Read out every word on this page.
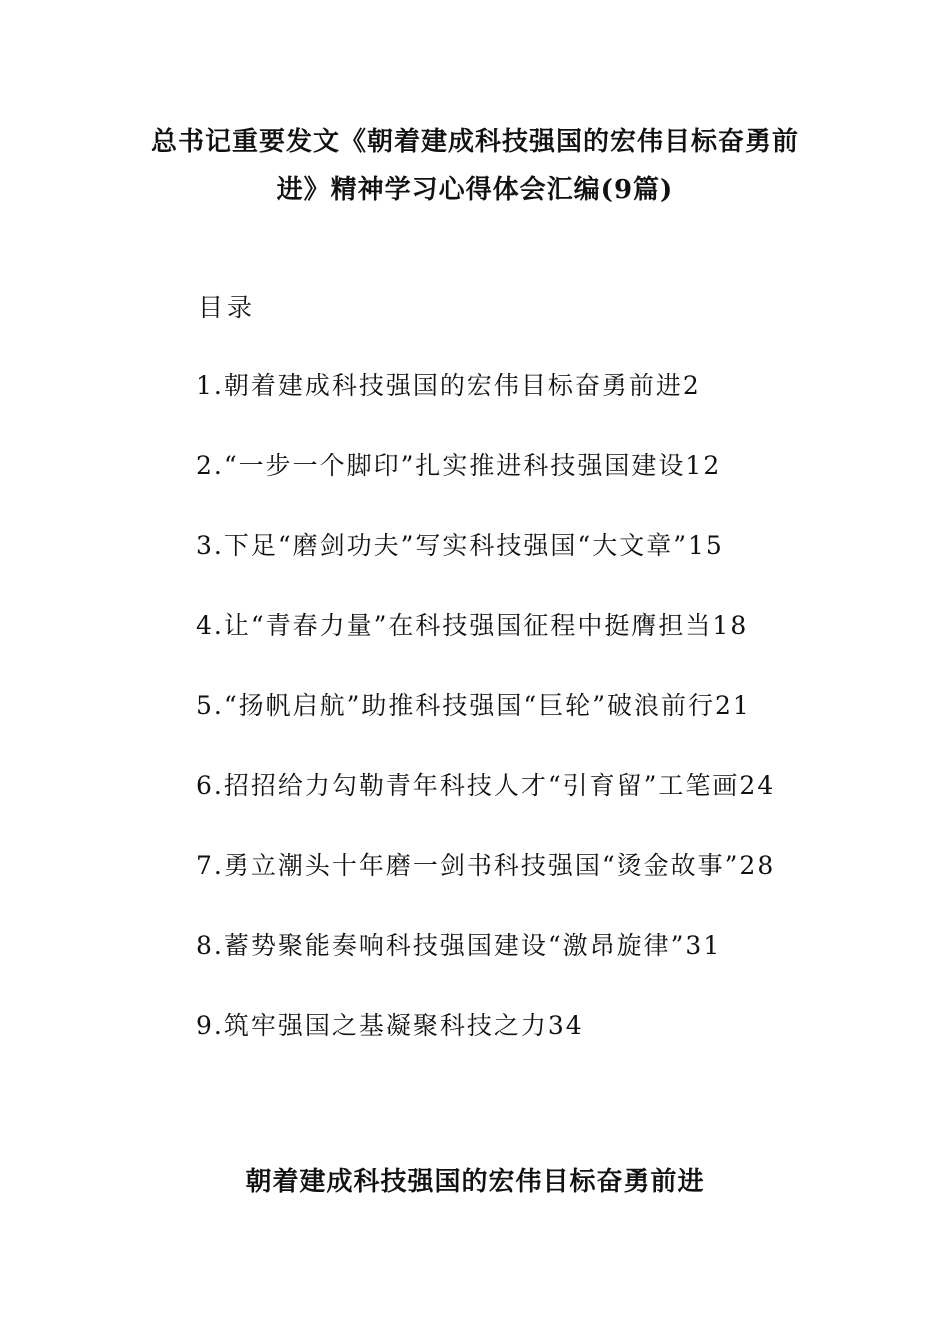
总书记重要发文《朝着建成科技强国的宏伟目标奋勇前
进》精神学习心得体会汇编(9篇)
目录
1.朝着建成科技强国的宏伟目标奋勇前进2
2.“一步一个脚印”扎实推进科技强国建设12
3.下足“磨剑功夫”写实科技强国“大文章”15
4.让“青春力量”在科技强国征程中挺膺担当18
5.“扬帆启航”助推科技强国“巨轮”破浪前行21
6.招招给力勾勒青年科技人才“引育留”工笔画24
7.勇立潮头十年磨一剑书科技强国“烫金故事”28
8.蓄势聚能奏响科技强国建设“激昂旋律”31
9.筑牢强国之基凝聚科技之力34
朝着建成科技强国的宏伟目标奋勇前进
